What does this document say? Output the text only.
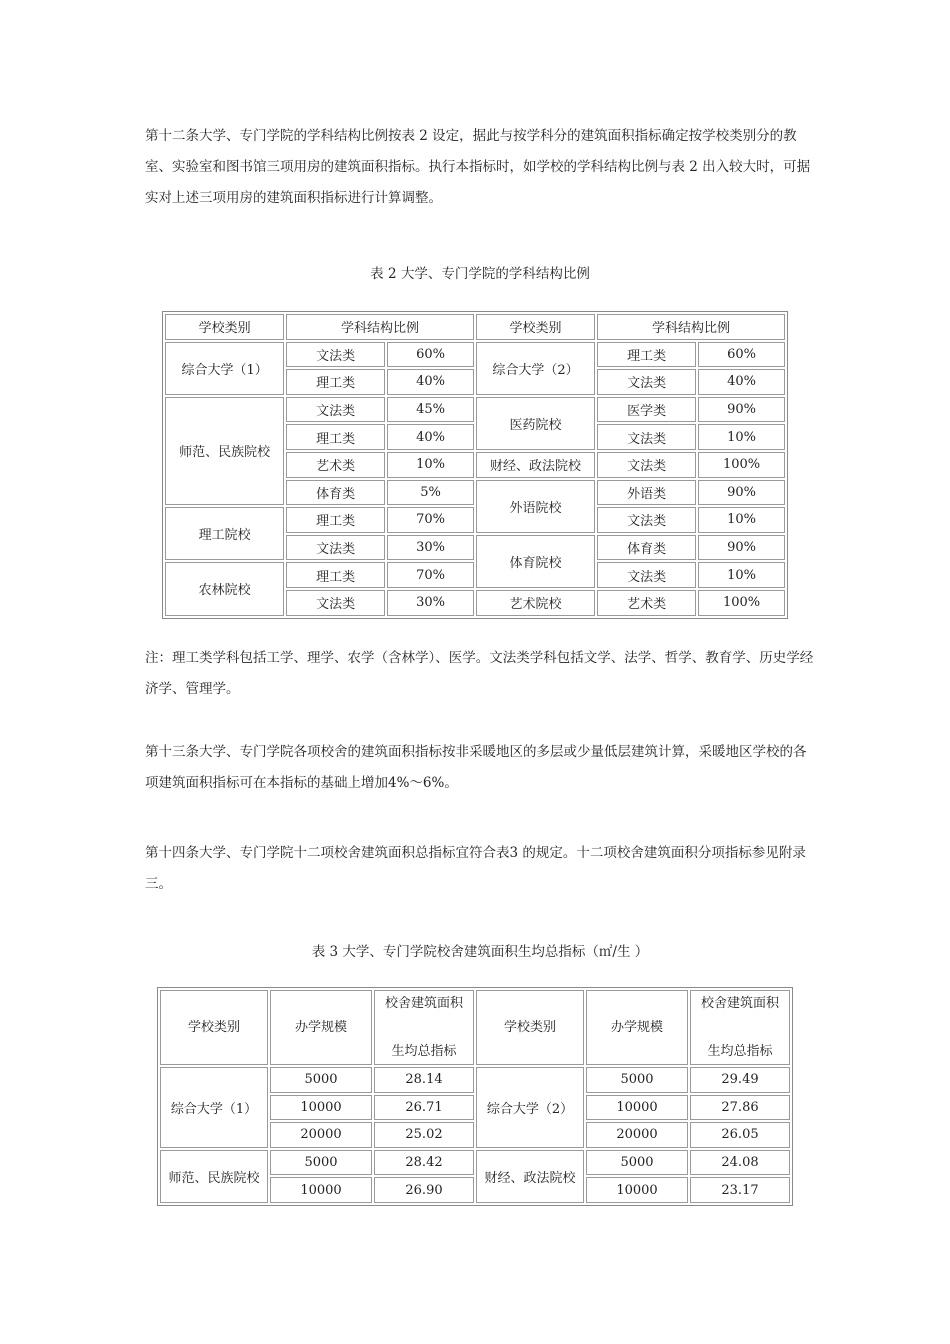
第十二条大学、专门学院的学科结构比例按表 2 设定，据此与按学科分的建筑面积指标确定按学校类别分的教室、实验室和图书馆三项用房的建筑面积指标。执行本指标时，如学校的学科结构比例与表 2 出入较大时，可据实对上述三项用房的建筑面积指标进行计算调整。

表 2 大学、专门学院的学科结构比例

学校类别	学科结构比例		学校类别	学科结构比例	
综合大学（1）	文法类	60%	综合大学（2）	理工类	60%
	理工类	40%		文法类	40%
师范、民族院校	文法类	45%	医药院校	医学类	90%
	理工类	40%		文法类	10%
	艺术类	10%	财经、政法院校	文法类	100%
	体育类	5%	外语院校	外语类	90%
理工院校	理工类	70%		文法类	10%
	文法类	30%	体育院校	体育类	90%
农林院校	理工类	70%		文法类	10%
	文法类	30%	艺术院校	艺术类	100%

注：理工类学科包括工学、理学、农学（含林学）、医学。文法类学科包括文学、法学、哲学、教育学、历史学经济学、管理学。

第十三条大学、专门学院各项校舍的建筑面积指标按非采暖地区的多层或少量低层建筑计算，采暖地区学校的各项建筑面积指标可在本指标的基础上增加4%～6%。

第十四条大学、专门学院十二项校舍建筑面积总指标宜符合表3 的规定。十二项校舍建筑面积分项指标参见附录三。

表 3 大学、专门学院校舍建筑面积生均总指标（㎡/生 ）

学校类别	办学规模	校舍建筑面积
生均总指标	学校类别	办学规模	校舍建筑面积
生均总指标

综合大学（1）	5000	28.14	综合大学（2）	5000	29.49
	10000	26.71		10000	27.86
	20000	25.02		20000	26.05
师范、民族院校	5000	28.42	财经、政法院校	5000	24.08
	10000	26.90		10000	23.17
